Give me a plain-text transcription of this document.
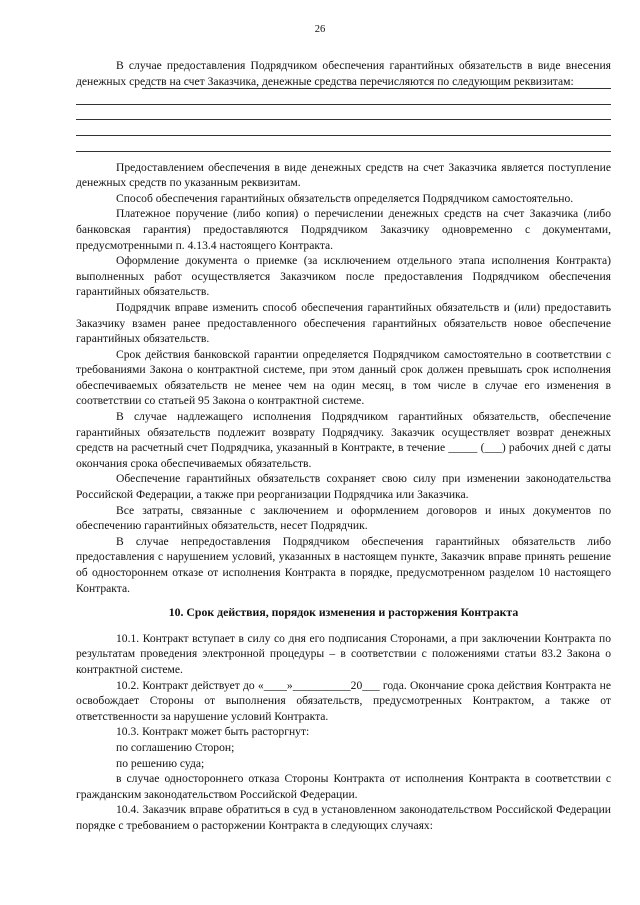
26

В случае предоставления Подрядчиком обеспечения гарантийных обязательств в виде внесения денежных средств на счет Заказчика, денежные средства перечисляются по следующим реквизитам:

Предоставлением обеспечения в виде денежных средств на счет Заказчика является поступление денежных средств по указанным реквизитам.

Способ обеспечения гарантийных обязательств определяется Подрядчиком самостоятельно.

Платежное поручение (либо копия) о перечислении денежных средств на счет Заказчика (либо банковская гарантия) предоставляются Подрядчиком Заказчику одновременно с документами, предусмотренными п. 4.13.4 настоящего Контракта.

Оформление документа о приемке (за исключением отдельного этапа исполнения Контракта) выполненных работ осуществляется Заказчиком после предоставления Подрядчиком обеспечения гарантийных обязательств.

Подрядчик вправе изменить способ обеспечения гарантийных обязательств и (или) предоставить Заказчику взамен ранее предоставленного обеспечения гарантийных обязательств новое обеспечение гарантийных обязательств.

Срок действия банковской гарантии определяется Подрядчиком самостоятельно в соответствии с требованиями Закона о контрактной системе, при этом данный срок должен превышать срок исполнения обеспечиваемых обязательств не менее чем на один месяц, в том числе в случае его изменения в соответствии со статьей 95 Закона о контрактной системе.

В случае надлежащего исполнения Подрядчиком гарантийных обязательств, обеспечение гарантийных обязательств подлежит возврату Подрядчику. Заказчик осуществляет возврат денежных средств на расчетный счет Подрядчика, указанный в Контракте, в течение _____ (___) рабочих дней с даты окончания срока обеспечиваемых обязательств.

Обеспечение гарантийных обязательств сохраняет свою силу при изменении законодательства Российской Федерации, а также при реорганизации Подрядчика или Заказчика.

Все затраты, связанные с заключением и оформлением договоров и иных документов по обеспечению гарантийных обязательств, несет Подрядчик.

В случае непредоставления Подрядчиком обеспечения гарантийных обязательств либо предоставления с нарушением условий, указанных в настоящем пункте, Заказчик вправе принять решение об одностороннем отказе от исполнения Контракта в порядке, предусмотренном разделом 10 настоящего Контракта.

10. Срок действия, порядок изменения и расторжения Контракта

10.1. Контракт вступает в силу со дня его подписания Сторонами, а при заключении Контракта по результатам проведения электронной процедуры – в соответствии с положениями статьи 83.2 Закона о контрактной системе.

10.2. Контракт действует до «____»__________20___ года. Окончание срока действия Контракта не освобождает Стороны от выполнения обязательств, предусмотренных Контрактом, а также от ответственности за нарушение условий Контракта.

10.3. Контракт может быть расторгнут:

по соглашению Сторон;

по решению суда;

в случае одностороннего отказа Стороны Контракта от исполнения Контракта в соответствии с гражданским законодательством Российской Федерации.

10.4. Заказчик вправе обратиться в суд в установленном законодательством Российской Федерации порядке с требованием о расторжении Контракта в следующих случаях:
